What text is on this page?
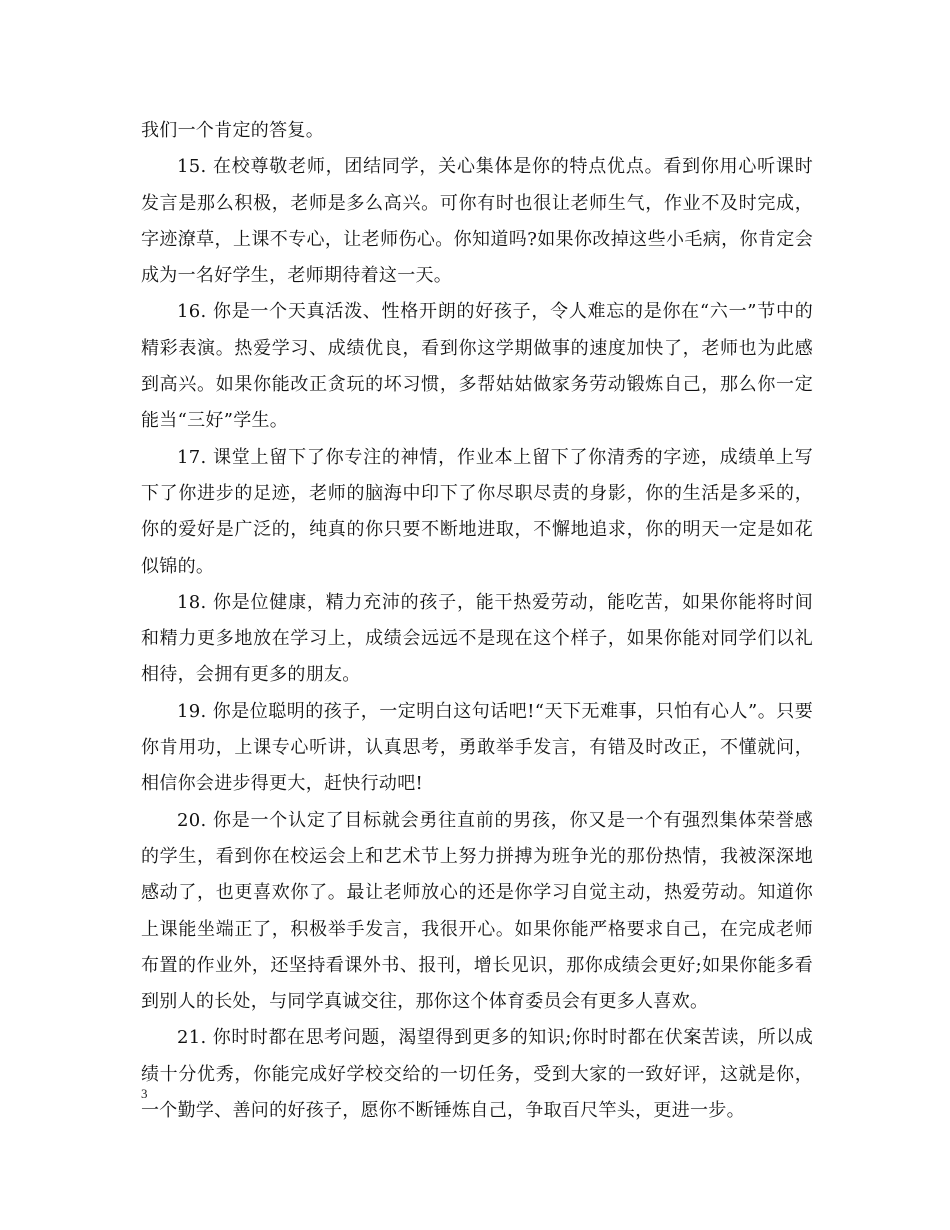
我们一个肯定的答复。

15. 在校尊敬老师，团结同学，关心集体是你的特点优点。看到你用心听课时发言是那么积极，老师是多么高兴。可你有时也很让老师生气，作业不及时完成，字迹潦草，上课不专心，让老师伤心。你知道吗?如果你改掉这些小毛病，你肯定会成为一名好学生，老师期待着这一天。

16. 你是一个天真活泼、性格开朗的好孩子，令人难忘的是你在“六一”节中的精彩表演。热爱学习、成绩优良，看到你这学期做事的速度加快了，老师也为此感到高兴。如果你能改正贪玩的坏习惯，多帮姑姑做家务劳动锻炼自己，那么你一定能当“三好”学生。

17. 课堂上留下了你专注的神情，作业本上留下了你清秀的字迹，成绩单上写下了你进步的足迹，老师的脑海中印下了你尽职尽责的身影，你的生活是多采的，你的爱好是广泛的，纯真的你只要不断地进取，不懈地追求，你的明天一定是如花似锦的。

18. 你是位健康，精力充沛的孩子，能干热爱劳动，能吃苦，如果你能将时间和精力更多地放在学习上，成绩会远远不是现在这个样子，如果你能对同学们以礼相待，会拥有更多的朋友。

19. 你是位聪明的孩子，一定明白这句话吧!“天下无难事，只怕有心人”。只要你肯用功，上课专心听讲，认真思考，勇敢举手发言，有错及时改正，不懂就问，相信你会进步得更大，赶快行动吧!

20. 你是一个认定了目标就会勇往直前的男孩，你又是一个有强烈集体荣誉感的学生，看到你在校运会上和艺术节上努力拼搏为班争光的那份热情，我被深深地感动了，也更喜欢你了。最让老师放心的还是你学习自觉主动，热爱劳动。知道你上课能坐端正了，积极举手发言，我很开心。如果你能严格要求自己，在完成老师布置的作业外，还坚持看课外书、报刊，增长见识，那你成绩会更好;如果你能多看到别人的长处，与同学真诚交往，那你这个体育委员会有更多人喜欢。

21. 你时时都在思考问题，渴望得到更多的知识;你时时都在伏案苦读，所以成绩十分优秀，你能完成好学校交给的一切任务，受到大家的一致好评，这就是你，一个勤学、善问的好孩子，愿你不断锤炼自己，争取百尺竿头，更进一步。

3
